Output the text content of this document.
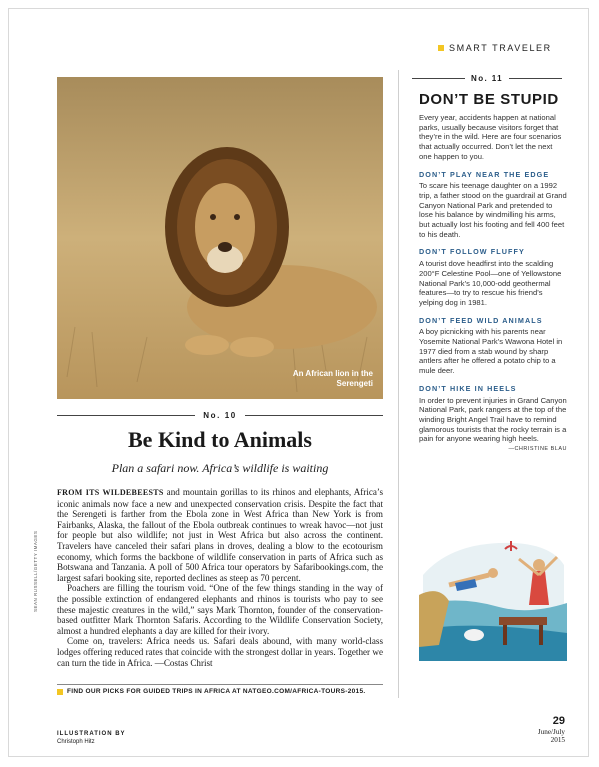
SMART TRAVELER
An African lion in the Serengeti
SEAN RUSSELL/GETTY IMAGES
No. 10
Be Kind to Animals
Plan a safari now. Africa’s wildlife is waiting

FROM ITS WILDEBEESTS and mountain gorillas to its rhinos and elephants, Africa’s iconic animals now face a new and unexpected conservation crisis. Despite the fact that the Serengeti is farther from the Ebola zone in West Africa than New York is from Fairbanks, Alaska, the fallout of the Ebola outbreak continues to wreak havoc—not just for people but also wildlife; not just in West Africa but also across the continent. Travelers have canceled their safari plans in droves, dealing a blow to the ecotourism economy, which forms the backbone of wildlife conservation in parts of Africa such as Botswana and Tanzania. A poll of 500 Africa tour operators by Safaribookings.com, the largest safari booking site, reported declines as steep as 70 percent.

Poachers are filling the tourism void. “One of the few things standing in the way of the possible extinction of endangered elephants and rhinos is tourists who pay to see these majestic creatures in the wild,” says Mark Thornton, founder of the conservation-based outfitter Mark Thornton Safaris. According to the Wildlife Conservation Society, almost a hundred elephants a day are killed for their ivory.

Come on, travelers: Africa needs us. Safari deals abound, with many world-class lodges offering reduced rates that coincide with the strongest dollar in years. Together we can turn the tide in Africa. —Costas Christ

FIND OUR PICKS FOR GUIDED TRIPS IN AFRICA AT NATGEO.COM/AFRICA-TOURS-2015.
No. 11
DON’T BE STUPID

Every year, accidents happen at national parks, usually because visitors forget that they’re in the wild. Here are four scenarios that actually occurred. Don’t let the next one happen to you.

DON’T PLAY NEAR THE EDGE

To scare his teenage daughter on a 1992 trip, a father stood on the guardrail at Grand Canyon National Park and pretended to lose his balance by windmilling his arms, but actually lost his footing and fell 400 feet to his death.

DON’T FOLLOW FLUFFY

A tourist dove headfirst into the scalding 200°F Celestine Pool—one of Yellowstone National Park’s 10,000-odd geothermal features—to try to rescue his friend’s yelping dog in 1981.

DON’T FEED WILD ANIMALS

A boy picnicking with his parents near Yosemite National Park’s Wawona Hotel in 1977 died from a stab wound by sharp antlers after he offered a potato chip to a mule deer.

DON’T HIKE IN HEELS

In order to prevent injuries in Grand Canyon National Park, park rangers at the top of the winding Bright Angel Trail have to remind glamorous tourists that the rocky terrain is a pain for anyone wearing high heels.

—CHRISTINE BLAU
ILLUSTRATION BY
Christoph Hitz
29
June/July
2015
